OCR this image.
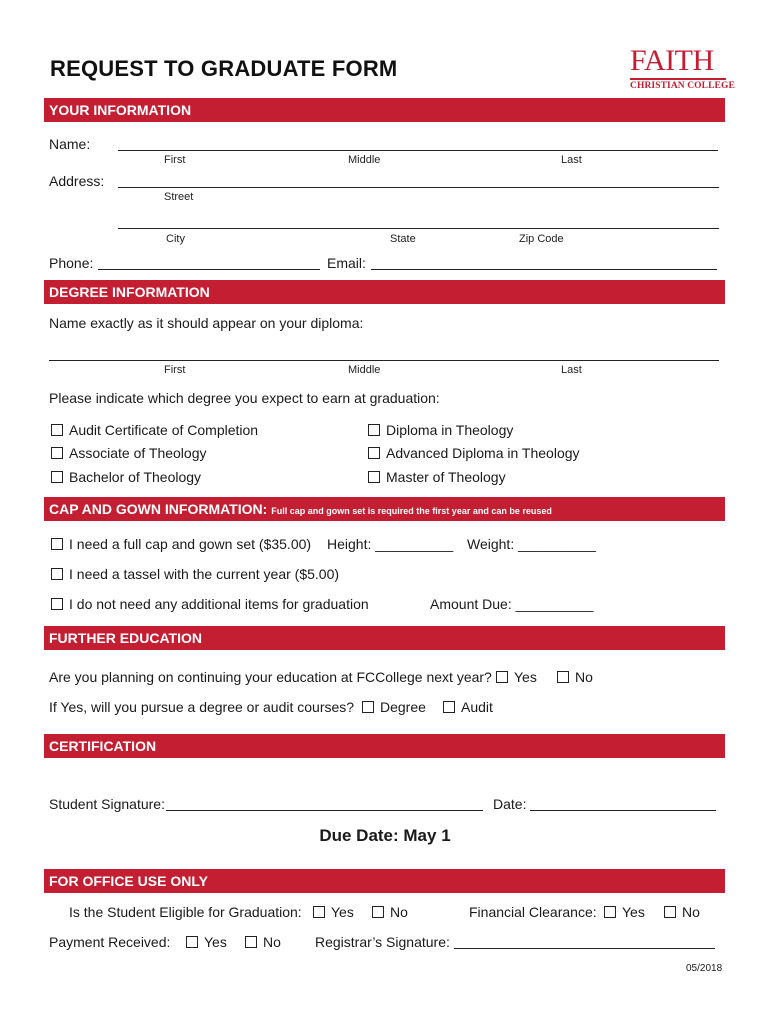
REQUEST TO GRADUATE FORM	FAITH
CHRISTIAN COLLEGE
YOUR INFORMATION
Name:
First	Middle	Last
Address:
Street
City	State	Zip Code
Phone:	Email:
DEGREE INFORMATION
Name exactly as it should appear on your diploma:
First	Middle	Last
Please indicate which degree you expect to earn at graduation:
Audit Certificate of Completion
Associate of Theology
Bachelor of Theology
Diploma in Theology
Advanced Diploma in Theology
Master of Theology
CAP AND GOWN INFORMATION: Full cap and gown set is required the first year and can be reused
I need a full cap and gown set ($35.00) Height: __________ Weight: __________
I need a tassel with the current year ($5.00)
I do not need any additional items for graduation	Amount Due: __________
FURTHER EDUCATION
Are you planning on continuing your education at FCCollege next year?	Yes	No
If Yes, will you pursue a degree or audit courses?	Degree	Audit
CERTIFICATION
Student Signature:	Date:
Due Date: May 1
FOR OFFICE USE ONLY
Is the Student Eligible for Graduation:	Yes	No	Financial Clearance:	Yes	No
Payment Received:	Yes	No Registrar’s Signature:
05/2018
